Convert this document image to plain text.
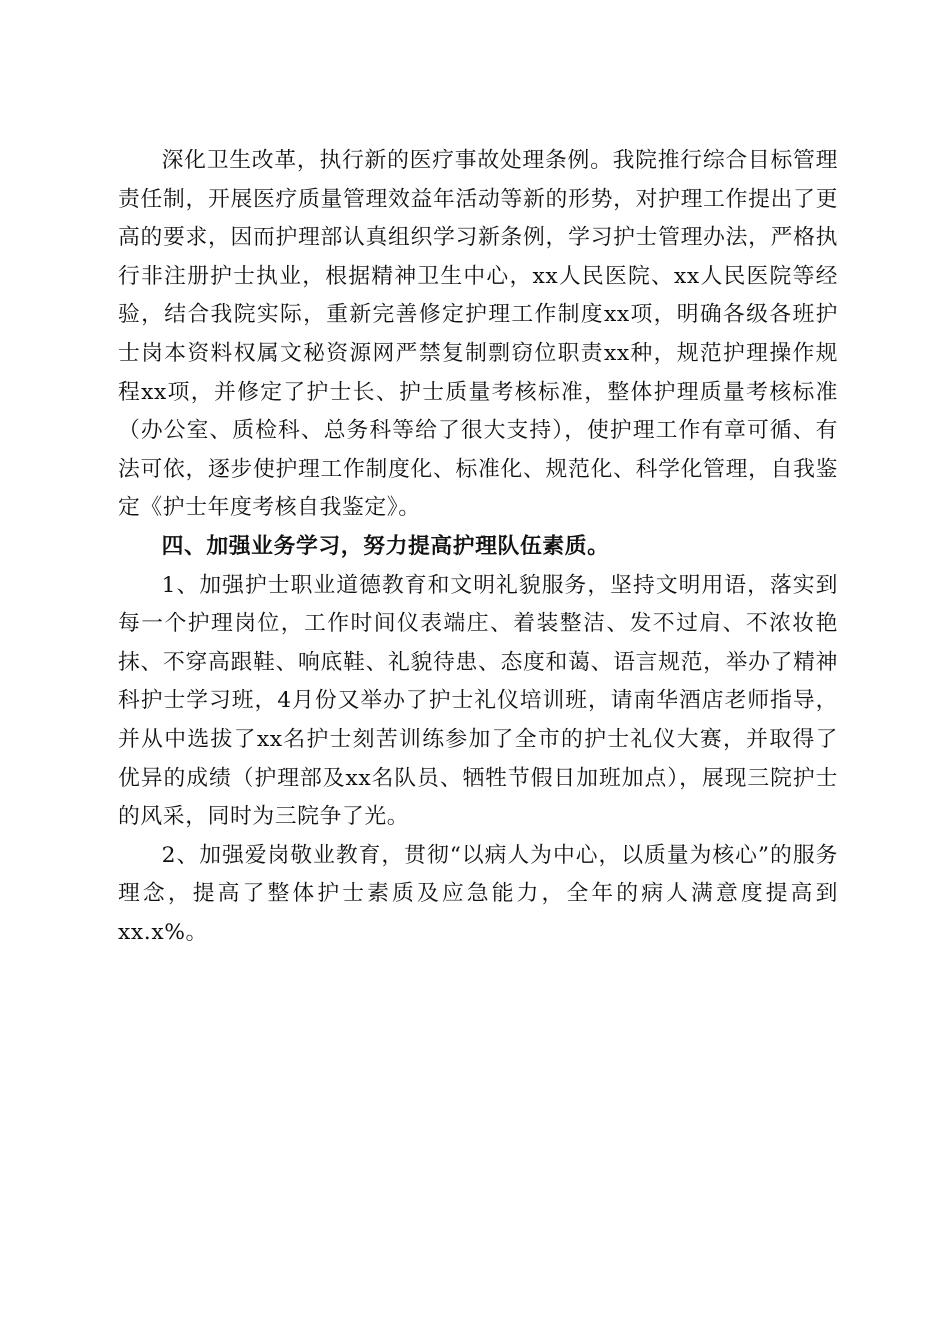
深化卫生改革，执行新的医疗事故处理条例。我院推行综合目标管理责任制，开展医疗质量管理效益年活动等新的形势，对护理工作提出了更高的要求，因而护理部认真组织学习新条例，学习护士管理办法，严格执行非注册护士执业，根据精神卫生中心，xx人民医院、xx人民医院等经验，结合我院实际，重新完善修定护理工作制度xx项，明确各级各班护士岗本资料权属文秘资源网严禁复制剽窃位职责xx种，规范护理操作规程xx项，并修定了护士长、护士质量考核标准，整体护理质量考核标准（办公室、质检科、总务科等给了很大支持），使护理工作有章可循、有法可依，逐步使护理工作制度化、标准化、规范化、科学化管理，自我鉴定《护士年度考核自我鉴定》。

四、加强业务学习，努力提高护理队伍素质。

1、加强护士职业道德教育和文明礼貌服务，坚持文明用语，落实到每一个护理岗位，工作时间仪表端庄、着装整洁、发不过肩、不浓妆艳抹、不穿高跟鞋、响底鞋、礼貌待患、态度和蔼、语言规范，举办了精神科护士学习班，4月份又举办了护士礼仪培训班，请南华酒店老师指导，并从中选拔了xx名护士刻苦训练参加了全市的护士礼仪大赛，并取得了优异的成绩（护理部及xx名队员、牺牲节假日加班加点），展现三院护士的风采，同时为三院争了光。

2、加强爱岗敬业教育，贯彻“以病人为中心，以质量为核心”的服务理念，提高了整体护士素质及应急能力，全年的病人满意度提高到xx.x%。
